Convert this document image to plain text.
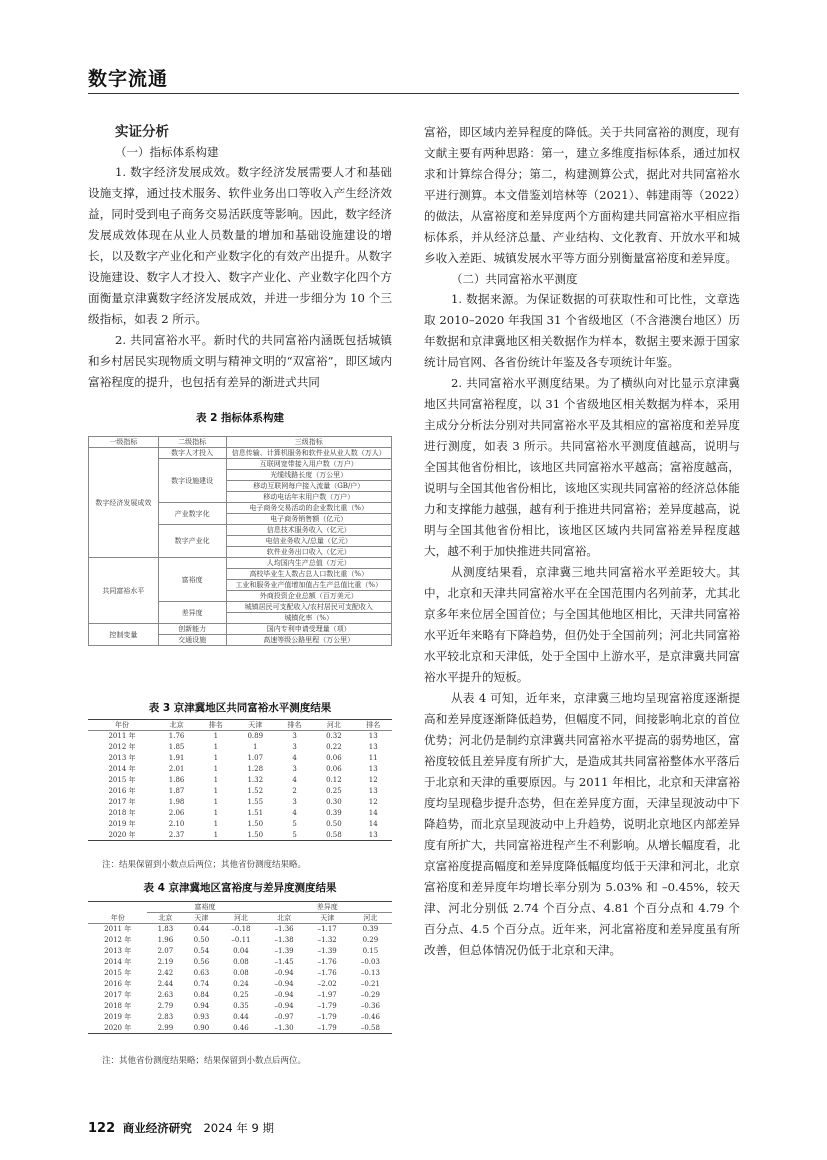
数字流通
实证分析
（一）指标体系构建

1. 数字经济发展成效。数字经济发展需要人才和基础设施支撑，通过技术服务、软件业务出口等收入产生经济效益，同时受到电子商务交易活跃度等影响。因此，数字经济发展成效体现在从业人员数量的增加和基础设施建设的增长，以及数字产业化和产业数字化的有效产出提升。从数字设施建设、数字人才投入、数字产业化、产业数字化四个方面衡量京津冀数字经济发展成效，并进一步细分为 10 个三级指标，如表 2 所示。

2. 共同富裕水平。新时代的共同富裕内涵既包括城镇和乡村居民实现物质文明与精神文明的“双富裕”，即区域内富裕程度的提升，也包括有差异的渐进式共同

富裕，即区域内差异程度的降低。关于共同富裕的测度，现有文献主要有两种思路：第一，建立多维度指标体系，通过加权求和计算综合得分；第二，构建测算公式，据此对共同富裕水平进行测算。本文借鉴刘培林等（2021）、韩建雨等（2022）的做法，从富裕度和差异度两个方面构建共同富裕水平相应指标体系，并从经济总量、产业结构、文化教育、开放水平和城乡收入差距、城镇发展水平等方面分别衡量富裕度和差异度。

（二）共同富裕水平测度

1. 数据来源。为保证数据的可获取性和可比性，文章选取 2010–2020 年我国 31 个省级地区（不含港澳台地区）历年数据和京津冀地区相关数据作为样本，数据主要来源于国家统计局官网、各省份统计年鉴及各专项统计年鉴。

2. 共同富裕水平测度结果。为了横纵向对比显示京津冀地区共同富裕程度，以 31 个省级地区相关数据为样本，采用主成分分析法分别对共同富裕水平及其相应的富裕度和差异度进行测度，如表 3 所示。共同富裕水平测度值越高，说明与全国其他省份相比，该地区共同富裕水平越高；富裕度越高，说明与全国其他省份相比，该地区实现共同富裕的经济总体能力和支撑能力越强，越有利于推进共同富裕；差异度越高，说明与全国其他省份相比，该地区区域内共同富裕差异程度越大，越不利于加快推进共同富裕。

从测度结果看，京津冀三地共同富裕水平差距较大。其中，北京和天津共同富裕水平在全国范围内名列前茅，尤其北京多年来位居全国首位；与全国其他地区相比，天津共同富裕水平近年来略有下降趋势，但仍处于全国前列；河北共同富裕水平较北京和天津低，处于全国中上游水平，是京津冀共同富裕水平提升的短板。

从表 4 可知，近年来，京津冀三地均呈现富裕度逐渐提高和差异度逐渐降低趋势，但幅度不同，间接影响北京的首位优势；河北仍是制约京津冀共同富裕水平提高的弱势地区，富裕度较低且差异度有所扩大，是造成其共同富裕整体水平落后于北京和天津的重要原因。与 2011 年相比，北京和天津富裕度均呈现稳步提升态势，但在差异度方面，天津呈现波动中下降趋势，而北京呈现波动中上升趋势，说明北京地区内部差异度有所扩大，共同富裕进程产生不利影响。从增长幅度看，北京富裕度提高幅度和差异度降低幅度均低于天津和河北，北京富裕度和差异度年均增长率分别为 5.03% 和 –0.45%，较天津、河北分别低 2.74 个百分点、4.81 个百分点和 4.79 个百分点、4.5 个百分点。近年来，河北富裕度和差异度虽有所改善，但总体情况仍低于北京和天津。

表 2 指标体系构建
一级指标	二级指标	三级指标
数字经济发展成效	数字人才投入	信息传输、计算机服务和软件业从业人数（万人）
	数字设施建设	互联网宽带接入用户数（万户）
		光缆线路长度（万公里）
		移动互联网每户接入流量（GB/户）
		移动电话年末用户数（万户）
	产业数字化	电子商务交易活动的企业数比重（%）
		电子商务销售额（亿元）
	数字产业化	信息技术服务收入（亿元）
		电信业务收入/总量（亿元）
		软件业务出口收入（亿元）
共同富裕水平	富裕度	人均国内生产总值（万元）
		高校毕业生人数占总人口数比重（%）
		工业和服务业产值增加值占生产总值比重（%）
		外商投资企业总额（百万美元）
	差异度	城镇居民可支配收入/农村居民可支配收入
		城镇化率（%）
控制变量	创新能力	国内专利申请受理量（项）
	交通设施	高速等级公路里程（万公里）
表 3 京津冀地区共同富裕水平测度结果
年份	北京	排名	天津	排名	河北	排名
2011 年	1.76	1	0.89	3	0.32	13
2012 年	1.85	1	1	3	0.22	13
2013 年	1.91	1	1.07	4	0.06	11
2014 年	2.01	1	1.28	3	0.06	13
2015 年	1.86	1	1.32	4	0.12	12
2016 年	1.87	1	1.52	2	0.25	13
2017 年	1.98	1	1.55	3	0.30	12
2018 年	2.06	1	1.51	4	0.39	14
2019 年	2.10	1	1.50	5	0.50	14
2020 年	2.37	1	1.50	5	0.58	13
注：结果保留到小数点后两位；其他省份测度结果略。
表 4 京津冀地区富裕度与差异度测度结果
	富裕度			差异度		
年份	北京	天津	河北	北京	天津	河北
2011 年	1.83	0.44	–0.18	–1.36	–1.17	0.39
2012 年	1.96	0.50	–0.11	–1.38	–1.32	0.29
2013 年	2.07	0.54	0.04	–1.39	–1.39	0.15
2014 年	2.19	0.56	0.08	–1.45	–1.76	–0.03
2015 年	2.42	0.63	0.08	–0.94	–1.76	–0.13
2016 年	2.44	0.74	0.24	–0.94	–2.02	–0.21
2017 年	2.63	0.84	0.25	–0.94	–1.97	–0.29
2018 年	2.79	0.94	0.35	–0.94	–1.79	–0.36
2019 年	2.83	0.93	0.44	–0.97	–1.79	–0.46
2020 年	2.99	0.90	0.46	–1.30	–1.79	–0.58
注：其他省份测度结果略；结果保留到小数点后两位。
122 商业经济研究 2024 年 9 期
